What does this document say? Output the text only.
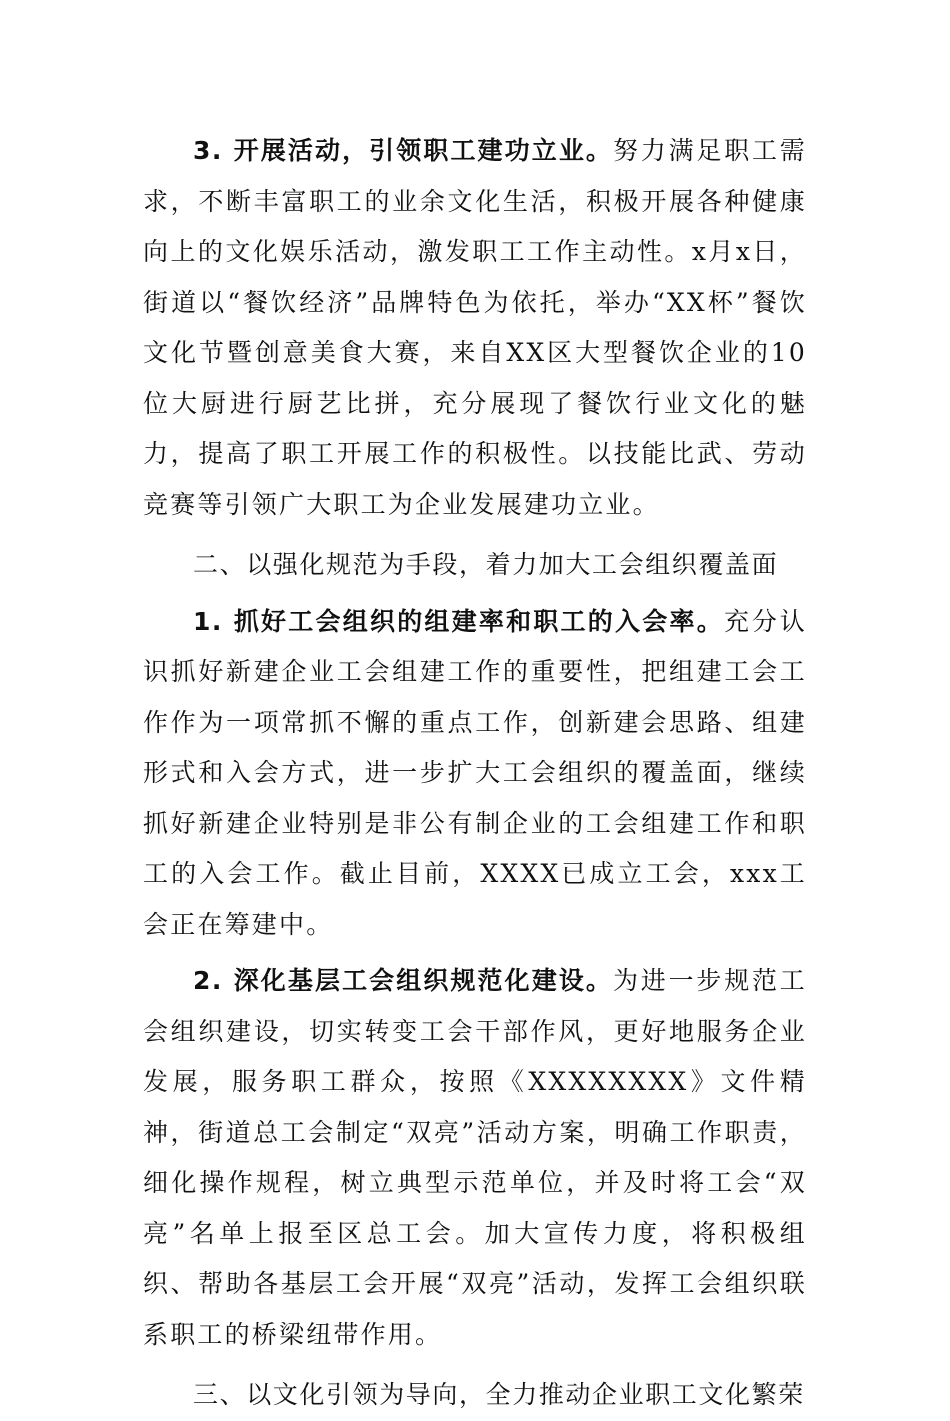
3. 开展活动，引领职工建功立业。努力满足职工需求，不断丰富职工的业余文化生活，积极开展各种健康向上的文化娱乐活动，激发职工工作主动性。x月x日，街道以“餐饮经济”品牌特色为依托，举办“XX杯”餐饮文化节暨创意美食大赛，来自XX区大型餐饮企业的10位大厨进行厨艺比拼，充分展现了餐饮行业文化的魅力，提高了职工开展工作的积极性。以技能比武、劳动竞赛等引领广大职工为企业发展建功立业。

二、以强化规范为手段，着力加大工会组织覆盖面

1. 抓好工会组织的组建率和职工的入会率。充分认识抓好新建企业工会组建工作的重要性，把组建工会工作作为一项常抓不懈的重点工作，创新建会思路、组建形式和入会方式，进一步扩大工会组织的覆盖面，继续抓好新建企业特别是非公有制企业的工会组建工作和职工的入会工作。截止目前，XXXX已成立工会，xxx工会正在筹建中。

2. 深化基层工会组织规范化建设。为进一步规范工会组织建设，切实转变工会干部作风，更好地服务企业发展，服务职工群众，按照《XXXXXXXX》文件精神，街道总工会制定“双亮”活动方案，明确工作职责，细化操作规程，树立典型示范单位，并及时将工会“双亮”名单上报至区总工会。加大宣传力度，将积极组织、帮助各基层工会开展“双亮”活动，发挥工会组织联系职工的桥梁纽带作用。

三、以文化引领为导向，全力推动企业职工文化繁荣
